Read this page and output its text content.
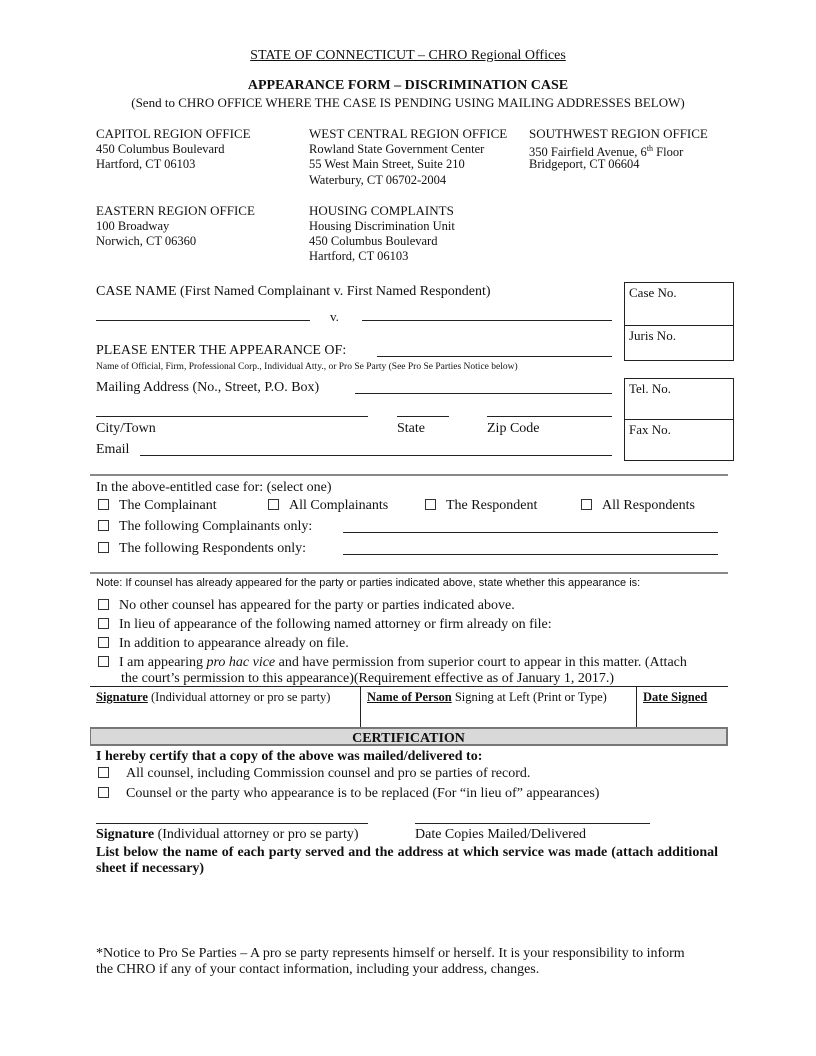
STATE OF CONNECTICUT – CHRO Regional Offices
APPEARANCE FORM – DISCRIMINATION CASE
(Send to CHRO OFFICE WHERE THE CASE IS PENDING USING MAILING ADDRESSES BELOW)
CAPITOL REGION OFFICE
450 Columbus Boulevard
Hartford, CT 06103
WEST CENTRAL REGION OFFICE
Rowland State Government Center
55 West Main Street, Suite 210
Waterbury, CT 06702-2004
SOUTHWEST REGION OFFICE
350 Fairfield Avenue, 6th Floor
Bridgeport, CT 06604
EASTERN REGION OFFICE
100 Broadway
Norwich, CT 06360
HOUSING COMPLAINTS
Housing Discrimination Unit
450 Columbus Boulevard
Hartford, CT 06103
CASE NAME (First Named Complainant v. First Named Respondent)
v.
Case No.
Juris No.
PLEASE ENTER THE APPEARANCE OF:
Name of Official, Firm, Professional Corp., Individual Atty., or Pro Se Party (See Pro Se Parties Notice below)
Mailing Address (No., Street, P.O. Box)	Tel. No.
Fax No.
City/Town	State	Zip Code
Email
In the above-entitled case for: (select one)
The Complainant	All Complainants	The Respondent	All Respondents
The following Complainants only:
The following Respondents only:
Note: If counsel has already appeared for the party or parties indicated above, state whether this appearance is:
No other counsel has appeared for the party or parties indicated above.
In lieu of appearance of the following named attorney or firm already on file:
In addition to appearance already on file.
I am appearing pro hac vice and have permission from superior court to appear in this matter. (Attach
the court’s permission to this appearance)(Requirement effective as of January 1, 2017.)
Signature (Individual attorney or pro se party)	Name of Person Signing at Left (Print or Type)	Date Signed
CERTIFICATION
I hereby certify that a copy of the above was mailed/delivered to:
All counsel, including Commission counsel and pro se parties of record.
Counsel or the party who appearance is to be replaced (For “in lieu of” appearances)
Signature (Individual attorney or pro se party)	Date Copies Mailed/Delivered
List below the name of each party served and the address at which service was made (attach additional sheet if necessary)
*Notice to Pro Se Parties – A pro se party represents himself or herself. It is your responsibility to inform
the CHRO if any of your contact information, including your address, changes.
